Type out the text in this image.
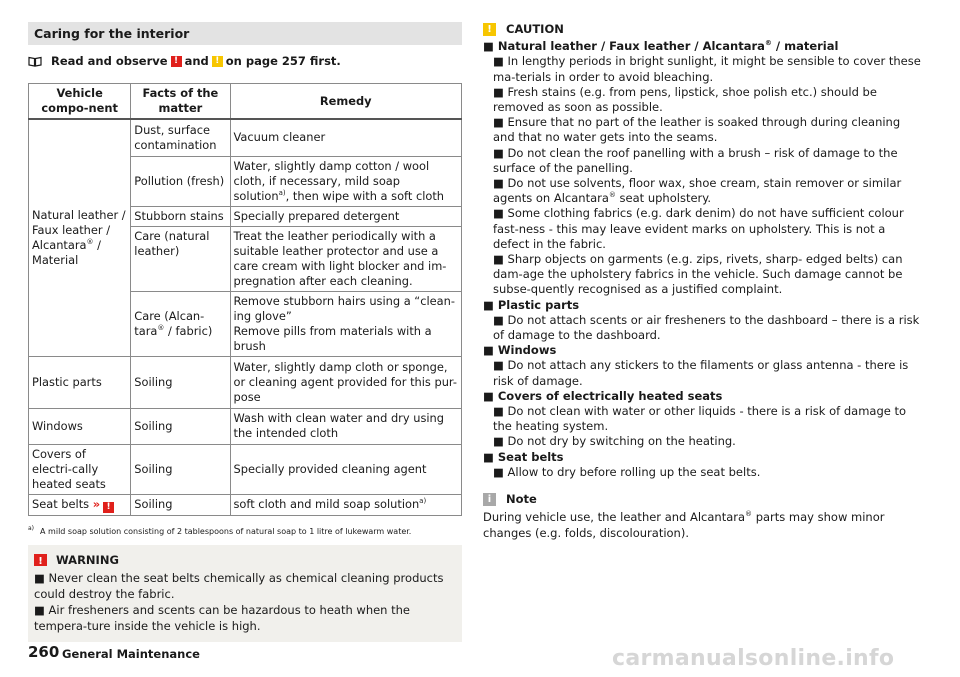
Caring for the interior
Read and observe ! and ! on page 257 first.
Vehicle compo-nent	Facts of the matter	Remedy
Natural leather / Faux leather / Alcantara® / Material	Dust, surface contamination	Vacuum cleaner
	Pollution (fresh)	Water, slightly damp cotton / wool cloth, if necessary, mild soap solution$^{a)}$, then wipe with a soft cloth
	Stubborn stains	Specially prepared detergent
	Care (natural leather)	Treat the leather periodically with a suitable leather protector and use a care cream with light blocker and im-pregnation after each cleaning.
	Care (Alcan-tara® / fabric)	Remove stubborn hairs using a “clean-ing glove”
Remove pills from materials with a brush

Plastic parts	Soiling	Water, slightly damp cloth or sponge, or cleaning agent provided for this pur-pose
Windows	Soiling	Wash with clean water and dry using the intended cloth
Covers of electri-cally heated seats	Soiling	Specially provided cleaning agent
Seat belts » !	Soiling	soft cloth and mild soap solution$^{a)}$
$^{a)}$ A mild soap solution consisting of 2 tablespoons of natural soap to 1 litre of lukewarm water.
! WARNING

■ Never clean the seat belts chemically as chemical cleaning products could destroy the fabric.

■ Air fresheners and scents can be hazardous to heath when the tempera-ture inside the vehicle is high.

260 General Maintenance
!	CAUTION

■ Natural leather / Faux leather / Alcantara® / material

■ In lengthy periods in bright sunlight, it might be sensible to cover these ma-terials in order to avoid bleaching.

■ Fresh stains (e.g. from pens, lipstick, shoe polish etc.) should be removed as soon as possible.

■ Ensure that no part of the leather is soaked through during cleaning and that no water gets into the seams.

■ Do not clean the roof panelling with a brush – risk of damage to the surface of the panelling.

■ Do not use solvents, floor wax, shoe cream, stain remover or similar agents on Alcantara® seat upholstery.

■ Some clothing fabrics (e.g. dark denim) do not have sufficient colour fast-ness - this may leave evident marks on upholstery. This is not a defect in the fabric.

■ Sharp objects on garments (e.g. zips, rivets, sharp- edged belts) can dam-age the upholstery fabrics in the vehicle. Such damage cannot be subse-quently recognised as a justified complaint.

■ Plastic parts

■ Do not attach scents or air fresheners to the dashboard – there is a risk of damage to the dashboard.

■ Windows

■ Do not attach any stickers to the filaments or glass antenna - there is risk of damage.

■ Covers of electrically heated seats

■ Do not clean with water or other liquids - there is a risk of damage to the heating system.

■ Do not dry by switching on the heating.

■ Seat belts

■ Allow to dry before rolling up the seat belts.

i	Note

During vehicle use, the leather and Alcantara® parts may show minor changes (e.g. folds, discolouration).

carmanualsonline.info
